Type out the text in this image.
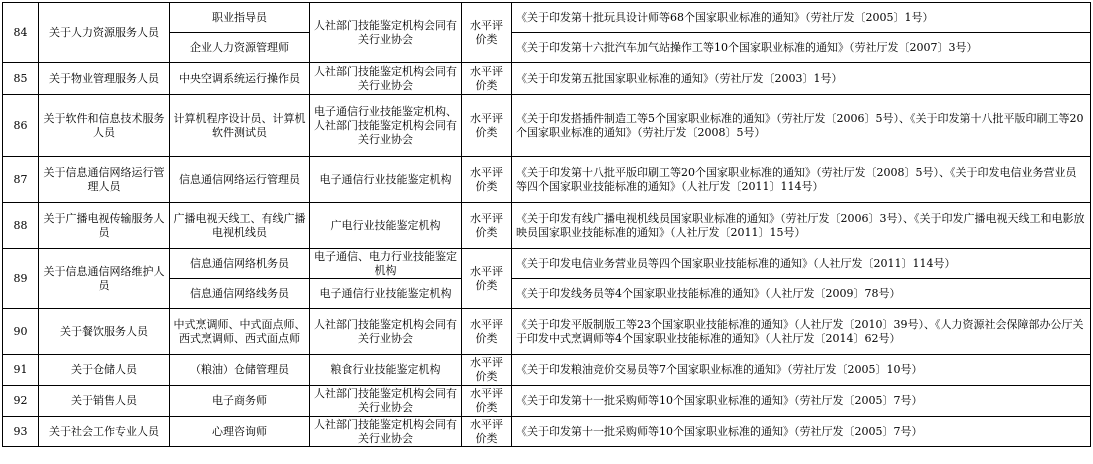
84	关于人力资源服务人员	职业指导员	人社部门技能鉴定机构会同有关行业协会	水平评价类	《关于印发第十批玩具设计师等68个国家职业标准的通知》（劳社厅发〔2005〕1号）
		企业人力资源管理师			《关于印发第十六批汽车加气站操作工等10个国家职业标准的通知》（劳社厅发〔2007〕3号）
85	关于物业管理服务人员	中央空调系统运行操作员	人社部门技能鉴定机构会同有关行业协会	水平评价类	《关于印发第五批国家职业标准的通知》（劳社厅发〔2003〕1号）
86	关于软件和信息技术服务人员	计算机程序设计员、计算机软件测试员	电子通信行业技能鉴定机构、人社部门技能鉴定机构会同有关行业协会	水平评价类	《关于印发搭插件制造工等5个国家职业标准的通知》（劳社厅发〔2006〕5号）、《关于印发第十八批平版印刷工等20个国家职业标准的通知》（劳社厅发〔2008〕5号）
87	关于信息通信网络运行管理人员	信息通信网络运行管理员	电子通信行业技能鉴定机构	水平评价类	《关于印发第十八批平版印刷工等20个国家职业标准的通知》（劳社厅发〔2008〕5号）、《关于印发电信业务营业员等四个国家职业技能标准的通知》（人社厅发〔2011〕114号）
88	关于广播电视传输服务人员	广播电视天线工、有线广播电视机线员	广电行业技能鉴定机构	水平评价类	《关于印发有线广播电视机线员国家职业标准的通知》（劳社厅发〔2006〕3号）、《关于印发广播电视天线工和电影放映员国家职业技能标准的通知》（人社厅发〔2011〕15号）
89	关于信息通信网络维护人员	信息通信网络机务员	电子通信、电力行业技能鉴定机构	水平评价类	《关于印发电信业务营业员等四个国家职业技能标准的通知》（人社厅发〔2011〕114号）
		信息通信网络线务员	电子通信行业技能鉴定机构		《关于印发线务员等4个国家职业技能标准的通知》（人社厅发〔2009〕78号）
90	关于餐饮服务人员	中式烹调师、中式面点师、西式烹调师、西式面点师	人社部门技能鉴定机构会同有关行业协会	水平评价类	《关于印发平版制版工等23个国家职业技能标准的通知》（人社厅发〔2010〕39号）、《人力资源社会保障部办公厅关于印发中式烹调师等4个国家职业技能标准的通知》（人社厅发〔2014〕62号）
91	关于仓储人员	（粮油）仓储管理员	粮食行业技能鉴定机构	水平评价类	《关于印发粮油竞价交易员等7个国家职业标准的通知》（劳社厅发〔2005〕10号）
92	关于销售人员	电子商务师	人社部门技能鉴定机构会同有关行业协会	水平评价类	《关于印发第十一批采购师等10个国家职业标准的通知》（劳社厅发〔2005〕7号）
93	关于社会工作专业人员	心理咨询师	人社部门技能鉴定机构会同有关行业协会	水平评价类	《关于印发第十一批采购师等10个国家职业标准的通知》（劳社厅发〔2005〕7号）
